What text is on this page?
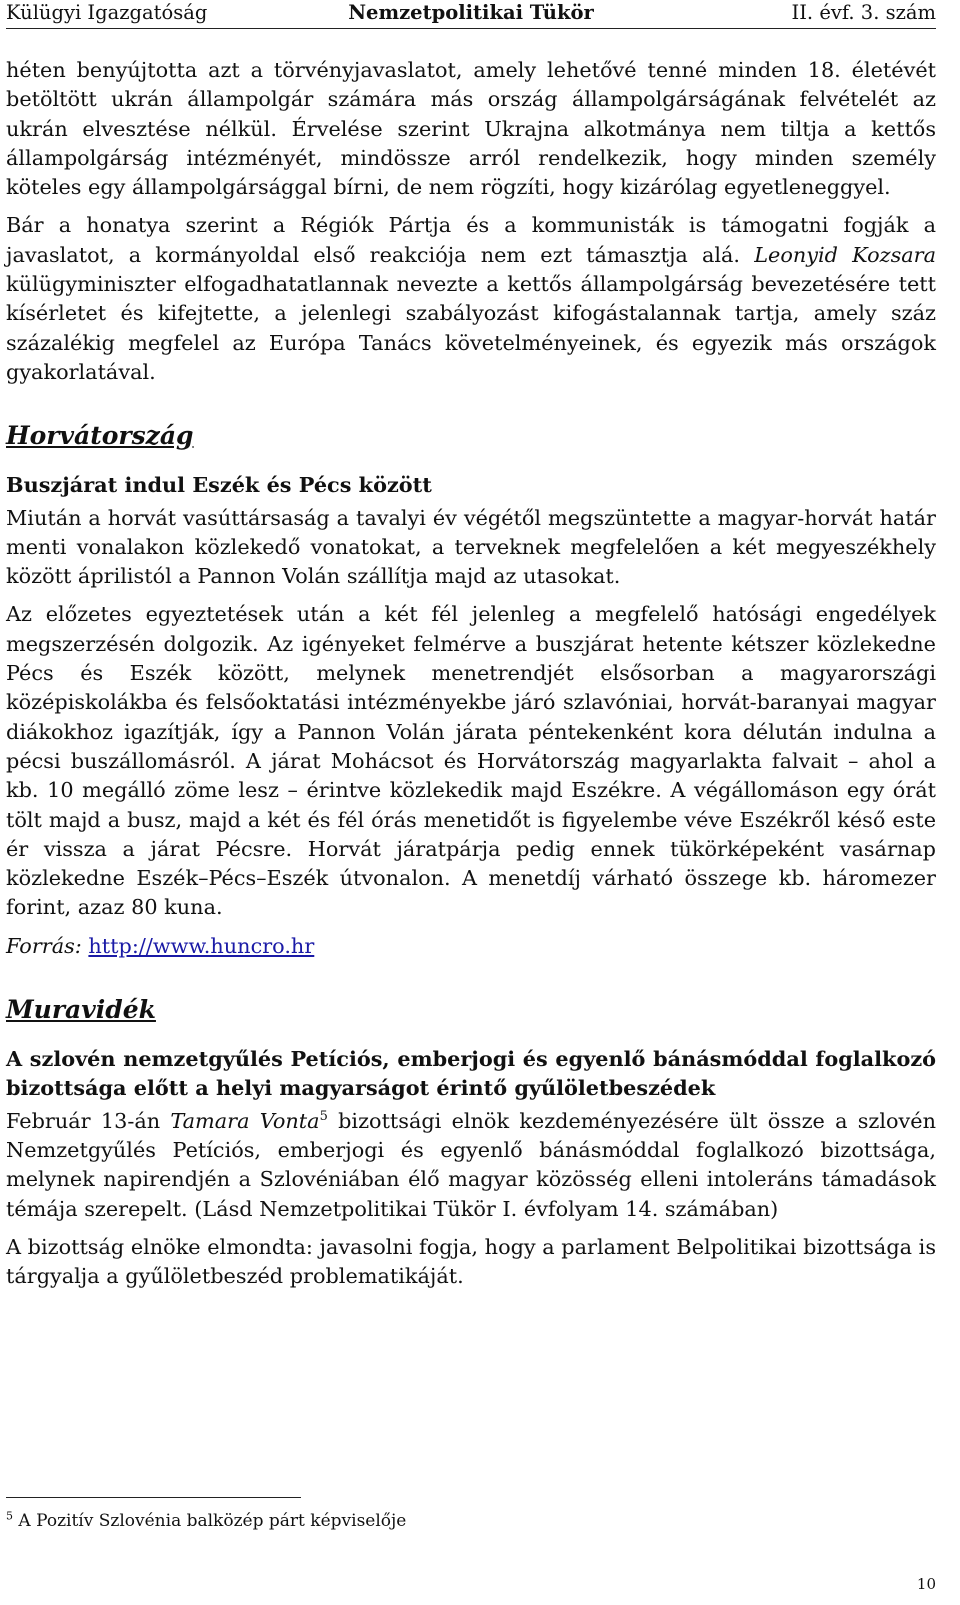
Külügyi Igazgatóság	Nemzetpolitikai Tükör	II. évf. 3. szám

héten benyújtotta azt a törvényjavaslatot, amely lehetővé tenné minden 18. életévét betöltött ukrán állampolgár számára más ország állampolgárságának felvételét az ukrán elvesztése nélkül. Érvelése szerint Ukrajna alkotmánya nem tiltja a kettős állampolgárság intézményét, mindössze arról rendelkezik, hogy minden személy köteles egy állampolgársággal bírni, de nem rögzíti, hogy kizárólag egyetleneggyel.

Bár a honatya szerint a Régiók Pártja és a kommunisták is támogatni fogják a javaslatot, a kormányoldal első reakciója nem ezt támasztja alá. Leonyid Kozsara külügyminiszter elfogadhatatlannak nevezte a kettős állampolgárság bevezetésére tett kísérletet és kifejtette, a jelenlegi szabályozást kifogástalannak tartja, amely száz százalékig megfelel az Európa Tanács követelményeinek, és egyezik más országok gyakorlatával.

Horvátország
Buszjárat indul Eszék és Pécs között

Miután a horvát vasúttársaság a tavalyi év végétől megszüntette a magyar-horvát határ menti vonalakon közlekedő vonatokat, a terveknek megfelelően a két megyeszékhely között áprilistól a Pannon Volán szállítja majd az utasokat.

Az előzetes egyeztetések után a két fél jelenleg a megfelelő hatósági engedélyek megszerzésén dolgozik. Az igényeket felmérve a buszjárat hetente kétszer közlekedne Pécs és Eszék között, melynek menetrendjét elsősorban a magyarországi középiskolákba és felsőoktatási intézményekbe járó szlavóniai, horvát-baranyai magyar diákokhoz igazítják, így a Pannon Volán járata péntekenként kora délután indulna a pécsi buszállomásról. A járat Mohácsot és Horvátország magyarlakta falvait – ahol a kb. 10 megálló zöme lesz – érintve közlekedik majd Eszékre. A végállomáson egy órát tölt majd a busz, majd a két és fél órás menetidőt is figyelembe véve Eszékről késő este ér vissza a járat Pécsre. Horvát járatpárja pedig ennek tükörképeként vasárnap közlekedne Eszék–Pécs–Eszék útvonalon. A menetdíj várható összege kb. háromezer forint, azaz 80 kuna.

Forrás: http://www.huncro.hr

Muravidék
A szlovén nemzetgyűlés Petíciós, emberjogi és egyenlő bánásmóddal foglalkozó bizottsága előtt a helyi magyarságot érintő gyűlöletbeszédek

Február 13-án Tamara Vonta$^5$ bizottsági elnök kezdeményezésére ült össze a szlovén Nemzetgyűlés Petíciós, emberjogi és egyenlő bánásmóddal foglalkozó bizottsága, melynek napirendjén a Szlovéniában élő magyar közösség elleni intoleráns támadások témája szerepelt. (Lásd Nemzetpolitikai Tükör I. évfolyam 14. számában)

A bizottság elnöke elmondta: javasolni fogja, hogy a parlament Belpolitikai bizottsága is tárgyalja a gyűlöletbeszéd problematikáját.

$^5$ A Pozitív Szlovénia balközép párt képviselője
10
